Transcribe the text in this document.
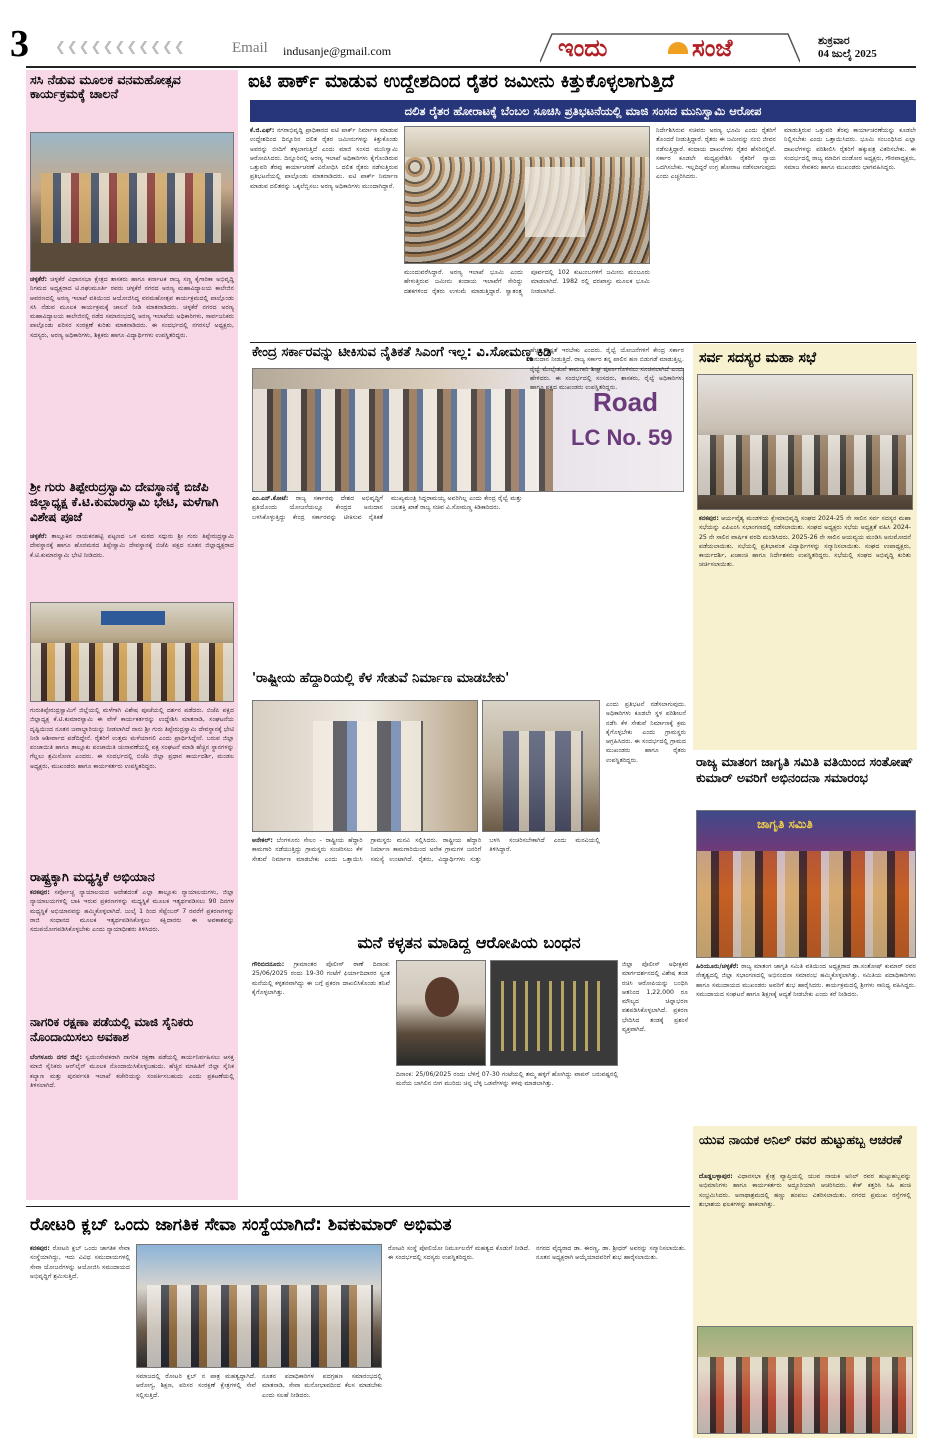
3 ❮❮❮❮❮❮❮❮❮❮❮	Email indusanje@gmail.com	ಇಂದು	ಸಂಜೆ	ಶುಕ್ರವಾರ
04 ಜುಲೈ 2025
ಸಸಿ ನೆಡುವ ಮೂಲಕ ವನಮಹೋತ್ಸವ ಕಾರ್ಯಕ್ರಮಕ್ಕೆ ಚಾಲನೆ
ಚಳ್ಳಕೆರೆ: ಚಳ್ಳಕೆರೆ ವಿಧಾನಸಭಾ ಕ್ಷೇತ್ರದ ಶಾಸಕರು ಹಾಗೂ ಕರ್ನಾಟಕ ರಾಜ್ಯ ಸಣ್ಣ ಕೈಗಾರಿಕಾ ಅಭಿವೃದ್ಧಿ ನಿಗಮದ ಅಧ್ಯಕ್ಷರಾದ ಟಿ.ರಘುಮೂರ್ತಿ ರವರು ಚಳ್ಳಕೆರೆ ನಗರದ ಅರಣ್ಯ ಮಹಾವಿದ್ಯಾಲಯ ಕಾಲೇಜಿನ ಆವರಣದಲ್ಲಿ ಅರಣ್ಯ ಇಲಾಖೆ ವತಿಯಿಂದ ಆಯೋಜಿಸಿದ್ದ ವನಮಹೋತ್ಸವ ಕಾರ್ಯಕ್ರಮದಲ್ಲಿ ಪಾಲ್ಗೊಂಡು ಸಸಿ ನೆಡುವ ಮೂಲಕ ಕಾರ್ಯಕ್ರಮಕ್ಕೆ ಚಾಲನೆ ನೀಡಿ ಮಾತನಾಡಿದರು. ಚಳ್ಳಕೆರೆ ನಗರದ ಅರಣ್ಯ ಮಹಾವಿದ್ಯಾಲಯ ಕಾಲೇಜಿನಲ್ಲಿ ನಡೆದ ಸಮಾರಂಭದಲ್ಲಿ ಅರಣ್ಯ ಇಲಾಖೆಯ ಅಧಿಕಾರಿಗಳು, ಸಾರ್ವಜನಿಕರು ಪಾಲ್ಗೊಂಡು ಪರಿಸರ ಸಂರಕ್ಷಣೆ ಕುರಿತು ಮಾತನಾಡಿದರು. ಈ ಸಂದರ್ಭದಲ್ಲಿ ನಗರಸಭೆ ಅಧ್ಯಕ್ಷರು, ಸದಸ್ಯರು, ಅರಣ್ಯ ಅಧಿಕಾರಿಗಳು, ಶಿಕ್ಷಕರು ಹಾಗೂ ವಿದ್ಯಾರ್ಥಿಗಳು ಉಪಸ್ಥಿತರಿದ್ದರು.
ಶ್ರೀ ಗುರು ತಿಪ್ಪೇರುದ್ರಸ್ವಾಮಿ ದೇವಸ್ಥಾನಕ್ಕೆ ಬಿಜೆಪಿ ಜಿಲ್ಲಾಧ್ಯಕ್ಷ ಕೆ.ಟಿ.ಕುಮಾರಸ್ವಾಮಿ ಭೇಟಿ, ಮಳೆಗಾಗಿ ವಿಶೇಷ ಪೂಜೆ
ಚಳ್ಳಕೆರೆ: ತಾಲ್ಲೂಕಿನ ನಾಯಕನಹಟ್ಟಿ ಪಟ್ಟಣದ ಒಳ ಮಠದ ಸದ್ಗುರು ಶ್ರೀ ಗುರು ತಿಪ್ಪೇರುದ್ರಸ್ವಾಮಿ ದೇವಸ್ಥಾನಕ್ಕೆ ಹಾಗೂ ಹೊರಮಠದ ತಿಪ್ಪೇಸ್ವಾಮಿ ದೇವಸ್ಥಾನಕ್ಕೆ ಬಿಜೆಪಿ ಪಕ್ಷದ ನೂತನ ಜಿಲ್ಲಾಧ್ಯಕ್ಷರಾದ ಕೆ.ಟಿ.ಕುಮಾರಸ್ವಾಮಿ ಭೇಟಿ ನೀಡಿದರು.
ಗುರುತಿಪ್ಪೇರುದ್ರಸ್ವಾಮಿಗೆ ಜಿಲ್ಲೆಯಲ್ಲಿ ಮಳೆಗಾಗಿ ವಿಶೇಷ ಪೂಜೆಯಲ್ಲಿ ದರ್ಶನ ಪಡೆದರು. ಬಿಜೆಪಿ ಪಕ್ಷದ ಜಿಲ್ಲಾಧ್ಯಕ್ಷ ಕೆ.ಟಿ.ಕುಮಾರಸ್ವಾಮಿ ಈ ವೇಳೆ ಕಾರ್ಯಕರ್ತರನ್ನು ಉದ್ದೇಶಿಸಿ ಮಾತನಾಡಿ, ಸಂಘಟನೆಯ ದೃಷ್ಟಿಯಿಂದ ನೂತನ ಜವಾಬ್ದಾರಿಯನ್ನು ನೀಡಲಾಗಿದೆ ನಾನು ಶ್ರೀ ಗುರು ತಿಪ್ಪೇರುದ್ರಸ್ವಾಮಿ ದೇವಸ್ಥಾನಕ್ಕೆ ಭೇಟಿ ನೀಡಿ ಆಶೀರ್ವಾದ ಪಡೆದಿದ್ದೇನೆ. ರೈತರಿಗೆ ಉತ್ತಮ ಮಳೆಯಾಗಲಿ ಎಂದು ಪ್ರಾರ್ಥಿಸಿದ್ದೇನೆ. ಬರುವ ಜಿಲ್ಲಾ ಪಂಚಾಯಿತಿ ಹಾಗೂ ತಾಲ್ಲೂಕು ಪಂಚಾಯಿತಿ ಚುನಾವಣೆಯಲ್ಲಿ ಪಕ್ಷ ಸಂಘಟನೆ ಮಾಡಿ ಹೆಚ್ಚಿನ ಸ್ಥಾನಗಳನ್ನು ಗೆಲ್ಲಲು ಶ್ರಮಿಸೋಣ ಎಂದರು. ಈ ಸಂದರ್ಭದಲ್ಲಿ ಬಿಜೆಪಿ ಜಿಲ್ಲಾ ಪ್ರಧಾನ ಕಾರ್ಯದರ್ಶಿ, ಮಂಡಲ ಅಧ್ಯಕ್ಷರು, ಮುಖಂಡರು ಹಾಗೂ ಕಾರ್ಯಕರ್ತರು ಉಪಸ್ಥಿತರಿದ್ದರು.
ರಾಷ್ಟ್ರಕ್ಕಾಗಿ ಮಧ್ಯಸ್ಥಿಕೆ ಅಭಿಯಾನ
ಕನಕಪುರ: ಸರ್ವೋಚ್ಚ ನ್ಯಾಯಾಲಯದ ಆದೇಶದಂತೆ ಎಲ್ಲಾ ತಾಲ್ಲೂಕು ನ್ಯಾಯಾಲಯಗಳು, ಜಿಲ್ಲಾ ನ್ಯಾಯಾಲಯಗಳಲ್ಲಿ ಬಾಕಿ ಇರುವ ಪ್ರಕರಣಗಳನ್ನು ಮಧ್ಯಸ್ಥಿಕೆ ಮೂಲಕ ಇತ್ಯರ್ಥಪಡಿಸಲು 90 ದಿನಗಳ ಮಧ್ಯಸ್ಥಿಕೆ ಅಭಿಯಾನವನ್ನು ಹಮ್ಮಿಕೊಳ್ಳಲಾಗಿದೆ. ಜುಲೈ 1 ರಿಂದ ಸೆಪ್ಟೆಂಬರ್ 7 ರವರೆಗೆ ಪ್ರಕರಣಗಳನ್ನು ರಾಜಿ ಸಂಧಾನದ ಮೂಲಕ ಇತ್ಯರ್ಥಪಡಿಸಿಕೊಳ್ಳಲು ಕಕ್ಷಿದಾರರು ಈ ಅವಕಾಶವನ್ನು ಸದುಪಯೋಗಪಡಿಸಿಕೊಳ್ಳಬೇಕು ಎಂದು ನ್ಯಾಯಾಧೀಶರು ತಿಳಿಸಿದರು.
ನಾಗರಿಕ ರಕ್ಷಣಾ ಪಡೆಯಲ್ಲಿ ಮಾಜಿ ಸೈನಿಕರು ನೊಂದಾಯಿಸಲು ಅವಕಾಶ
ಬೆಂಗಳೂರು ನಗರ ಜಿಲ್ಲೆ: ಸ್ವಯಂಸೇವಕರಾಗಿ ನಾಗರಿಕ ರಕ್ಷಣಾ ಪಡೆಯಲ್ಲಿ ಕಾರ್ಯನಿರ್ವಹಿಸಲು ಆಸಕ್ತ ಮಾಜಿ ಸೈನಿಕರು ಆನ್‌ಲೈನ್ ಮೂಲಕ ನೊಂದಾಯಿಸಿಕೊಳ್ಳಬಹುದು. ಹೆಚ್ಚಿನ ಮಾಹಿತಿಗೆ ಜಿಲ್ಲಾ ಸೈನಿಕ ಕಲ್ಯಾಣ ಮತ್ತು ಪುನರ್ವಸತಿ ಇಲಾಖೆ ಕಚೇರಿಯನ್ನು ಸಂಪರ್ಕಿಸಬಹುದು ಎಂದು ಪ್ರಕಟಣೆಯಲ್ಲಿ ತಿಳಿಸಲಾಗಿದೆ.
ಐಟಿ ಪಾರ್ಕ್ ಮಾಡುವ ಉದ್ದೇಶದಿಂದ ರೈತರ ಜಮೀನು ಕಿತ್ತುಕೊಳ್ಳಲಾಗುತ್ತಿದೆ
ದಲಿತ ರೈತರ ಹೋರಾಟಕ್ಕೆ ಬೆಂಬಲ ಸೂಚಿಸಿ ಪ್ರತಿಭಟನೆಯಲ್ಲಿ ಮಾಜಿ ಸಂಸದ ಮುನಿಸ್ವಾಮಿ ಆರೋಪ
ಕೆ.ಜಿ.ಎಫ್: ನಗರಾಭಿವೃದ್ಧಿ ಪ್ರಾಧಿಕಾರದ ಐಟಿ ಪಾರ್ಕ್ ನಿರ್ಮಾಣ ಮಾಡುವ ಉದ್ದೇಶದಿಂದ ದಿನ್ನೂರಿನ ದಲಿತ ರೈತರ ಜಮೀನುಗಳನ್ನು ಕಿತ್ತುಕೊಂಡು ಅವರನ್ನು ಬೀದಿಗೆ ತಳ್ಳಲಾಗುತ್ತಿದೆ ಎಂದು ಮಾಜಿ ಸಂಸದ ಮುನಿಸ್ವಾಮಿ ಆರೋಪಿಸಿದರು. ದಿನ್ನೂರಿನಲ್ಲಿ ಅರಣ್ಯ ಇಲಾಖೆ ಅಧಿಕಾರಿಗಳು ಕೈಗೊಂಡಿರುವ ಒತ್ತುವರಿ ತೆರವು ಕಾರ್ಯಾಚರಣೆ ವಿರೋಧಿಸಿ ದಲಿತ ರೈತರು ನಡೆಸುತ್ತಿರುವ ಪ್ರತಿಭಟನೆಯಲ್ಲಿ ಪಾಲ್ಗೊಂಡು ಮಾತನಾಡಿದರು. ಐಟಿ ಪಾರ್ಕ್ ನಿರ್ಮಾಣ ಮಾಡುವ ದಲಿತರನ್ನು ಒಕ್ಕಲೆಬ್ಬಿಸಲು ಅರಣ್ಯ ಅಧಿಕಾರಿಗಳು ಮುಂದಾಗಿದ್ದಾರೆ.
ಮುಂದುವರೆಸಿದ್ದಾರೆ. ಅರಣ್ಯ ಇಲಾಖೆ ಭೂಮಿ ಎಂದು ಹೇಳುತ್ತಿರುವ ಜಮೀನು ಕಂದಾಯ ಇಲಾಖೆಗೆ ಸೇರಿದ್ದು ದಶಕಗಳಿಂದ ರೈತರು ಉಳುಮೆ ಮಾಡುತ್ತಿದ್ದಾರೆ. ಸ್ವಾತಂತ್ರ್ಯ ಪೂರ್ವದಲ್ಲಿ 102 ಕುಟುಂಬಗಳಿಗೆ ಜಮೀನು ಮಂಜೂರು ಮಾಡಲಾಗಿದೆ. 1982 ರಲ್ಲಿ ದರಖಾಸ್ತು ಮೂಲಕ ಭೂಮಿ ನೀಡಲಾಗಿದೆ.
ನಿರ್ದೇಶಿಸಿರುವ ಸಚಿವರು ಅರಣ್ಯ ಭೂಮಿ ಎಂದು ರೈತರಿಗೆ ತೊಂದರೆ ನೀಡುತ್ತಿದ್ದಾರೆ. ರೈತರು ಈ ಜಮೀನನ್ನು ನಂಬಿ ಜೀವನ ನಡೆಸುತ್ತಿದ್ದಾರೆ. ಕಂದಾಯ ದಾಖಲೆಗಳು ರೈತರ ಹೆಸರಿನಲ್ಲಿವೆ. ಸರ್ಕಾರ ಕೂಡಲೇ ಮಧ್ಯಪ್ರವೇಶಿಸಿ ರೈತರಿಗೆ ನ್ಯಾಯ ಒದಗಿಸಬೇಕು. ಇಲ್ಲದಿದ್ದರೆ ಉಗ್ರ ಹೋರಾಟ ನಡೆಸಲಾಗುವುದು ಎಂದು ಎಚ್ಚರಿಸಿದರು.
ಮಾಡುತ್ತಿರುವ ಒತ್ತುವರಿ ತೆರವು ಕಾರ್ಯಾಚರಣೆಯನ್ನು ಕೂಡಲೇ ನಿಲ್ಲಿಸಬೇಕು ಎಂದು ಒತ್ತಾಯಿಸಿದರು. ಭೂಮಿ ಸಂಬಂಧಿಸಿದ ಎಲ್ಲಾ ದಾಖಲೆಗಳನ್ನು ಪರಿಶೀಲಿಸಿ ರೈತರಿಗೆ ಹಕ್ಕುಪತ್ರ ವಿತರಿಸಬೇಕು. ಈ ಸಂದರ್ಭದಲ್ಲಿ ರಾಜ್ಯ ಮಾದಿಗ ದಂಡೋರ ಅಧ್ಯಕ್ಷರು, ಗೌರವಾಧ್ಯಕ್ಷರು, ಸಮಾಜ ಸೇವಕರು ಹಾಗೂ ಮುಖಂಡರು ಭಾಗವಹಿಸಿದ್ದರು.
ಕೇಂದ್ರ ಸರ್ಕಾರವನ್ನು ಟೀಕಿಸುವ ನೈತಿಕತೆ ಸಿಎಂಗೆ ಇಲ್ಲ: ವಿ.ಸೋಮಣ್ಣ ಕಿಡಿ
Road
LC No. 59
ಎಂ.ಎನ್.ಕೋಟೆ: ರಾಜ್ಯ ಸರ್ಕಾರವು ದೇಶದ ಅಭಿವೃದ್ಧಿಗೆ ಪ್ರತಿಯೊಂದು ಯೋಜನೆಯಲ್ಲೂ ಕೇಂದ್ರದ ಅನುದಾನ ಬಳಸಿಕೊಳ್ಳುತ್ತಿದ್ದು ಕೇಂದ್ರ ಸರ್ಕಾರವನ್ನು ಟೀಕಿಸುವ ನೈತಿಕತೆ ಮುಖ್ಯಮಂತ್ರಿ ಸಿದ್ದರಾಮಯ್ಯ ಅವರಿಗಿಲ್ಲ ಎಂದು ಕೇಂದ್ರ ರೈಲ್ವೆ ಮತ್ತು ಜಲಶಕ್ತಿ ಖಾತೆ ರಾಜ್ಯ ಸಚಿವ ವಿ.ಸೋಮಣ್ಣ ಕಿಡಿಕಾರಿದರು.
ಹೆಚ್ಚು ಸ್ಪಷ್ಟತೆ ಇರಬೇಕು ಎಂದರು. ರೈಲ್ವೆ ಯೋಜನೆಗಳಿಗೆ ಕೇಂದ್ರ ಸರ್ಕಾರ ಅನುದಾನ ನೀಡುತ್ತಿದೆ. ರಾಜ್ಯ ಸರ್ಕಾರ ತನ್ನ ಪಾಲಿನ ಹಣ ಬಿಡುಗಡೆ ಮಾಡುತ್ತಿಲ್ಲ. ರೈಲ್ವೆ ಮೇಲ್ಸೇತುವೆ ಕಾಮಗಾರಿ ಶೀಘ್ರ ಪೂರ್ಣಗೊಳಿಸಲು ಸೂಚಿಸಲಾಗಿದೆ ಎಂದು ಹೇಳಿದರು. ಈ ಸಂದರ್ಭದಲ್ಲಿ ಸಂಸದರು, ಶಾಸಕರು, ರೈಲ್ವೆ ಅಧಿಕಾರಿಗಳು ಹಾಗೂ ಪಕ್ಷದ ಮುಖಂಡರು ಉಪಸ್ಥಿತರಿದ್ದರು.
ಸರ್ವ ಸದಸ್ಯರ ಮಹಾ ಸಭೆ
ಕನಕಪುರ: ಆರ್ಯವೈಶ್ಯ ಮಂಡಳಿಯ ಕ್ಷೇಮಾಭಿವೃದ್ಧಿ ಸಂಘದ 2024-25 ನೇ ಸಾಲಿನ ಸರ್ವ ಸದಸ್ಯರ ಮಹಾ ಸಭೆಯನ್ನು ಎಪಿಎಂಸಿ ಸಭಾಂಗಣದಲ್ಲಿ ನಡೆಸಲಾಯಿತು. ಸಂಘದ ಅಧ್ಯಕ್ಷರು ಸಭೆಯ ಅಧ್ಯಕ್ಷತೆ ವಹಿಸಿ 2024-25 ನೇ ಸಾಲಿನ ವಾರ್ಷಿಕ ವರದಿ ಮಂಡಿಸಿದರು. 2025-26 ನೇ ಸಾಲಿನ ಆಯವ್ಯಯ ಮಂಡಿಸಿ ಅನುಮೋದನೆ ಪಡೆಯಲಾಯಿತು. ಸಭೆಯಲ್ಲಿ ಪ್ರತಿಭಾವಂತ ವಿದ್ಯಾರ್ಥಿಗಳನ್ನು ಸನ್ಮಾನಿಸಲಾಯಿತು. ಸಂಘದ ಉಪಾಧ್ಯಕ್ಷರು, ಕಾರ್ಯದರ್ಶಿ, ಖಜಾಂಚಿ ಹಾಗೂ ನಿರ್ದೇಶಕರು ಉಪಸ್ಥಿತರಿದ್ದರು. ಸಭೆಯಲ್ಲಿ ಸಂಘದ ಅಭಿವೃದ್ಧಿ ಕುರಿತು ಚರ್ಚಿಸಲಾಯಿತು.
'ರಾಷ್ಟ್ರೀಯ ಹೆದ್ದಾರಿಯಲ್ಲಿ ಕೆಳ ಸೇತುವೆ ನಿರ್ಮಾಣ ಮಾಡಬೇಕು'
ಆನೇಕಲ್: ಬೆಂಗಳೂರು ಸೇಲಂ - ರಾಷ್ಟ್ರೀಯ ಹೆದ್ದಾರಿ ಕಾಮಗಾರಿ ನಡೆಯುತ್ತಿದ್ದು ಗ್ರಾಮಸ್ಥರು ಸಂಚರಿಸಲು ಕೆಳ ಸೇತುವೆ ನಿರ್ಮಾಣ ಮಾಡಬೇಕು ಎಂದು ಒತ್ತಾಯಿಸಿ ಗ್ರಾಮಸ್ಥರು ಮನವಿ ಸಲ್ಲಿಸಿದರು. ರಾಷ್ಟ್ರೀಯ ಹೆದ್ದಾರಿ ನಿರ್ಮಾಣ ಕಾಮಗಾರಿಯಿಂದ ಅನೇಕ ಗ್ರಾಮಗಳ ಜನರಿಗೆ ಸಮಸ್ಯೆ ಉಂಟಾಗಿದೆ. ರೈತರು, ವಿದ್ಯಾರ್ಥಿಗಳು ಸುತ್ತು ಬಳಸಿ ಸಂಚರಿಸಬೇಕಾಗಿದೆ ಎಂದು ಮನವಿಯಲ್ಲಿ ತಿಳಿಸಿದ್ದಾರೆ.
ಎಂದು ಪ್ರತಿಭಟನೆ ನಡೆಸಲಾಗುವುದು. ಅಧಿಕಾರಿಗಳು ಕೂಡಲೇ ಸ್ಥಳ ಪರಿಶೀಲನೆ ನಡೆಸಿ ಕೆಳ ಸೇತುವೆ ನಿರ್ಮಾಣಕ್ಕೆ ಕ್ರಮ ಕೈಗೊಳ್ಳಬೇಕು ಎಂದು ಗ್ರಾಮಸ್ಥರು ಆಗ್ರಹಿಸಿದರು. ಈ ಸಂದರ್ಭದಲ್ಲಿ ಗ್ರಾಮದ ಮುಖಂಡರು ಹಾಗೂ ರೈತರು ಉಪಸ್ಥಿತರಿದ್ದರು.	ರಾಜ್ಯ ಮಾತಂಗ ಜಾಗೃತಿ ಸಮಿತಿ ವತಿಯಿಂದ ಸಂತೋಷ್ ಕುಮಾರ್ ಅವರಿಗೆ ಅಭಿನಂದನಾ ಸಮಾರಂಭ
ಜಾಗೃತಿ ಸಮಿತಿ
ಹಿರಿಯೂರು/ಚಳ್ಳಕೆರೆ: ರಾಜ್ಯ ಮಾತಂಗ ಜಾಗೃತಿ ಸಮಿತಿ ವತಿಯಿಂದ ಅಧ್ಯಕ್ಷರಾದ ಡಾ.ಸಂತೋಷ್ ಕುಮಾರ್ ರವರ ನೇತೃತ್ವದಲ್ಲಿ ಜಿಲ್ಲಾ ಸಭಾಂಗಣದಲ್ಲಿ ಅಭಿನಂದನಾ ಸಮಾರಂಭ ಹಮ್ಮಿಕೊಳ್ಳಲಾಗಿತ್ತು. ಸಮಿತಿಯ ಪದಾಧಿಕಾರಿಗಳು ಹಾಗೂ ಸಮುದಾಯದ ಮುಖಂಡರು ಅವರಿಗೆ ಶುಭ ಹಾರೈಸಿದರು. ಕಾರ್ಯಕ್ರಮದಲ್ಲಿ ಶ್ರೀಗಳು ಸಾನಿಧ್ಯ ವಹಿಸಿದ್ದರು. ಸಮುದಾಯದ ಸಂಘಟನೆ ಹಾಗೂ ಶಿಕ್ಷಣಕ್ಕೆ ಆದ್ಯತೆ ನೀಡಬೇಕು ಎಂದು ಕರೆ ನೀಡಿದರು.
ಮನೆ ಕಳ್ಳತನ ಮಾಡಿದ್ದ ಆರೋಪಿಯ ಬಂಧನ
ಗೌರಿಬಿದನೂರು: ಗ್ರಾಮಾಂತರ ಪೊಲೀಸ್ ಠಾಣೆ ದಿನಾಂಕ: 25/06/2025 ರಂದು 19-30 ಗಂಟೆಗೆ ಫಿರ್ಯಾದಿದಾರರ ಸ್ವಂತ ಮನೆಯಲ್ಲಿ ಕಳ್ಳತನವಾಗಿದ್ದು ಈ ಬಗ್ಗೆ ಪ್ರಕರಣ ದಾಖಲಿಸಿಕೊಂಡು ತನಿಖೆ ಕೈಗೊಳ್ಳಲಾಗಿತ್ತು.
ದಿನಾಂಕ: 25/06/2025 ರಂದು ಬೆಳಿಗ್ಗೆ 07-30 ಗಂಟೆಯಲ್ಲಿ ತಮ್ಮ ಹಳ್ಳಿಗೆ ಹೋಗಿದ್ದು ವಾಪಸ್ ಬರುವಷ್ಟರಲ್ಲಿ ಮನೆಯ ಬಾಗಿಲಿನ ಬೀಗ ಮುರಿದು ಚಿನ್ನ ಬೆಳ್ಳಿ ಒಡವೆಗಳನ್ನು ಕಳವು ಮಾಡಲಾಗಿತ್ತು.
ಜಿಲ್ಲಾ ಪೊಲೀಸ್ ಅಧೀಕ್ಷಕರ ಮಾರ್ಗದರ್ಶನದಲ್ಲಿ ವಿಶೇಷ ತಂಡ ರಚಿಸಿ ಆರೋಪಿಯನ್ನು ಬಂಧಿಸಿ ಆತನಿಂದ 1,22,000 ರೂ ಮೌಲ್ಯದ ಚಿನ್ನಾಭರಣ ವಶಪಡಿಸಿಕೊಳ್ಳಲಾಗಿದೆ. ಪ್ರಕರಣ ಭೇದಿಸಿದ ತಂಡಕ್ಕೆ ಪ್ರಶಂಸೆ ವ್ಯಕ್ತವಾಗಿದೆ.
ಯುವ ನಾಯಕ ಅನಿಲ್ ರವರ ಹುಟ್ಟುಹಬ್ಬ ಆಚರಣೆ
ದೊಡ್ಡಬಳ್ಳಾಪುರ: ವಿಧಾನಸಭಾ ಕ್ಷೇತ್ರ ವ್ಯಾಪ್ತಿಯಲ್ಲಿ ಯುವ ನಾಯಕ ಅನಿಲ್ ರವರ ಹುಟ್ಟುಹಬ್ಬವನ್ನು ಅಭಿಮಾನಿಗಳು ಹಾಗೂ ಕಾರ್ಯಕರ್ತರು ಅದ್ದೂರಿಯಾಗಿ ಆಚರಿಸಿದರು. ಕೇಕ್ ಕತ್ತರಿಸಿ ಸಿಹಿ ಹಂಚಿ ಸಂಭ್ರಮಿಸಿದರು. ಅನಾಥಾಶ್ರಮದಲ್ಲಿ ಹಣ್ಣು ಹಂಪಲು ವಿತರಿಸಲಾಯಿತು. ನಗರದ ಪ್ರಮುಖ ರಸ್ತೆಗಳಲ್ಲಿ ಶುಭಾಶಯ ಫಲಕಗಳನ್ನು ಹಾಕಲಾಗಿತ್ತು.
ರೋಟರಿ ಕ್ಲಬ್ ಒಂದು ಜಾಗತಿಕ ಸೇವಾ ಸಂಸ್ಥೆಯಾಗಿದೆ: ಶಿವಕುಮಾರ್ ಅಭಿಮತ
ಕನಕಪುರ: ರೋಟರಿ ಕ್ಲಬ್ ಒಂದು ಜಾಗತಿಕ ಸೇವಾ ಸಂಸ್ಥೆಯಾಗಿದ್ದು, ಇದು ವಿವಿಧ ಸಮುದಾಯಗಳಲ್ಲಿ ಸೇವಾ ಯೋಜನೆಗಳನ್ನು ಆಯೋಜಿಸಿ ಸಮುದಾಯದ ಅಭಿವೃದ್ಧಿಗೆ ಶ್ರಮಿಸುತ್ತಿದೆ.
ಸಮಾಜದಲ್ಲಿ ರೋಟರಿ ಕ್ಲಬ್ ನ ಪಾತ್ರ ಮಹತ್ವದ್ದಾಗಿದೆ. ಆರೋಗ್ಯ, ಶಿಕ್ಷಣ, ಪರಿಸರ ಸಂರಕ್ಷಣೆ ಕ್ಷೇತ್ರಗಳಲ್ಲಿ ಸೇವೆ ಸಲ್ಲಿಸುತ್ತಿದೆ.
ನೂತನ ಪದಾಧಿಕಾರಿಗಳ ಪದಗ್ರಹಣ ಸಮಾರಂಭದಲ್ಲಿ ಮಾತನಾಡಿ, ಸೇವಾ ಮನೋಭಾವದಿಂದ ಕೆಲಸ ಮಾಡಬೇಕು ಎಂದು ಸಲಹೆ ನೀಡಿದರು.
ರೋಟರಿ ಸಂಸ್ಥೆ ಪೋಲಿಯೋ ನಿರ್ಮೂಲನೆಗೆ ಮಹತ್ವದ ಕೊಡುಗೆ ನೀಡಿದೆ. ಈ ಸಂದರ್ಭದಲ್ಲಿ ಸದಸ್ಯರು ಉಪಸ್ಥಿತರಿದ್ದರು.
ನಗರದ ವೈದ್ಯರಾದ ಡಾ. ಈರಣ್ಣ, ಡಾ. ಶ್ರೀಧರ್ ಅವರನ್ನು ಸನ್ಮಾನಿಸಲಾಯಿತು. ನೂತನ ಅಧ್ಯಕ್ಷರಾಗಿ ಆಯ್ಕೆಯಾದವರಿಗೆ ಶುಭ ಹಾರೈಸಲಾಯಿತು.
